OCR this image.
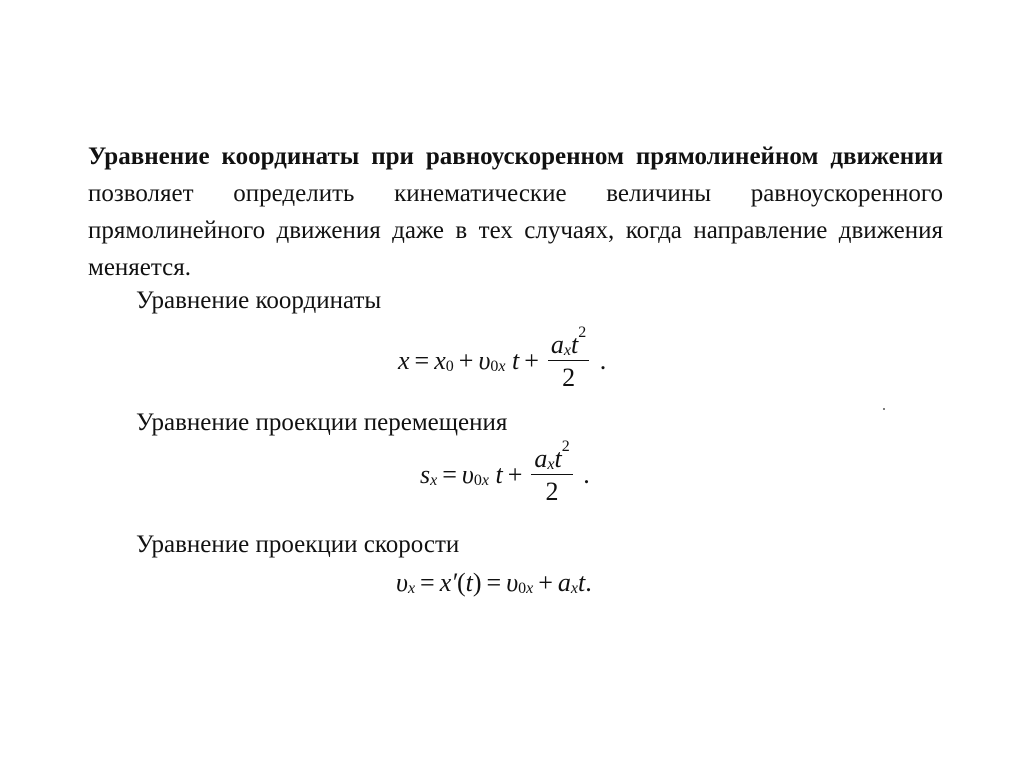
Уравнение координаты при равноускоренном прямолинейном движении позволяет определить кинематические величины равноускоренного прямолинейного движения даже в тех случаях, когда направление движения меняется.

Уравнение координаты
x = x0 + υ0x $t + \frac{\text{axt2}}{2}$ .
Уравнение проекции перемещения
sx = υ0x $t + \frac{\text{axt2}}{2}$ .
Уравнение проекции скорости
υx = x′(t) = υ0x + axt.
